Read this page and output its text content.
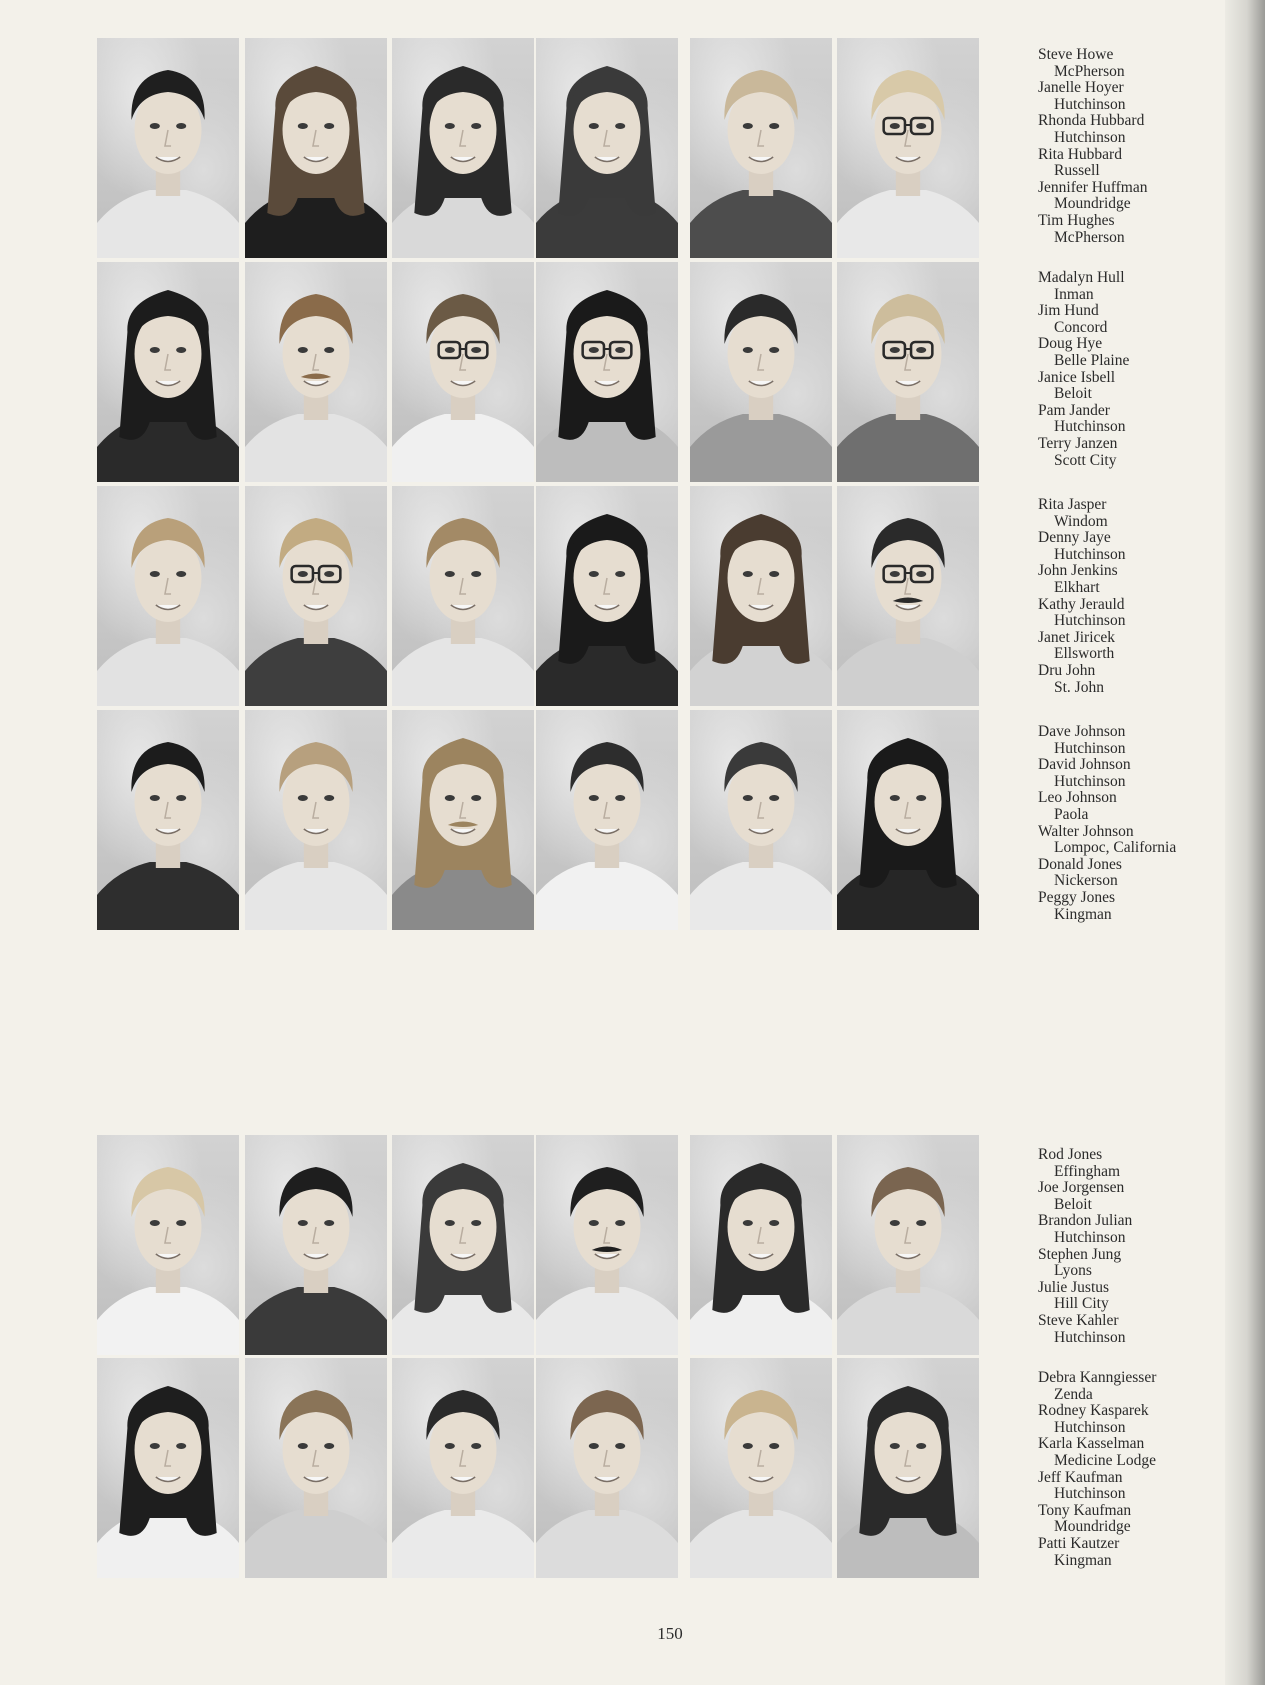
Steve Howe
McPherson
Janelle Hoyer
Hutchinson
Rhonda Hubbard
Hutchinson
Rita Hubbard
Russell
Jennifer Huffman
Moundridge
Tim Hughes
McPherson
Madalyn Hull
Inman
Jim Hund
Concord
Doug Hye
Belle Plaine
Janice Isbell
Beloit
Pam Jander
Hutchinson
Terry Janzen
Scott City
Rita Jasper
Windom
Denny Jaye
Hutchinson
John Jenkins
Elkhart
Kathy Jerauld
Hutchinson
Janet Jiricek
Ellsworth
Dru John
St. John
Dave Johnson
Hutchinson
David Johnson
Hutchinson
Leo Johnson
Paola
Walter Johnson
Lompoc, California
Donald Jones
Nickerson
Peggy Jones
Kingman
Rod Jones
Effingham
Joe Jorgensen
Beloit
Brandon Julian
Hutchinson
Stephen Jung
Lyons
Julie Justus
Hill City
Steve Kahler
Hutchinson
Debra Kanngiesser
Zenda
Rodney Kasparek
Hutchinson
Karla Kasselman
Medicine Lodge
Jeff Kaufman
Hutchinson
Tony Kaufman
Moundridge
Patti Kautzer
Kingman
150
